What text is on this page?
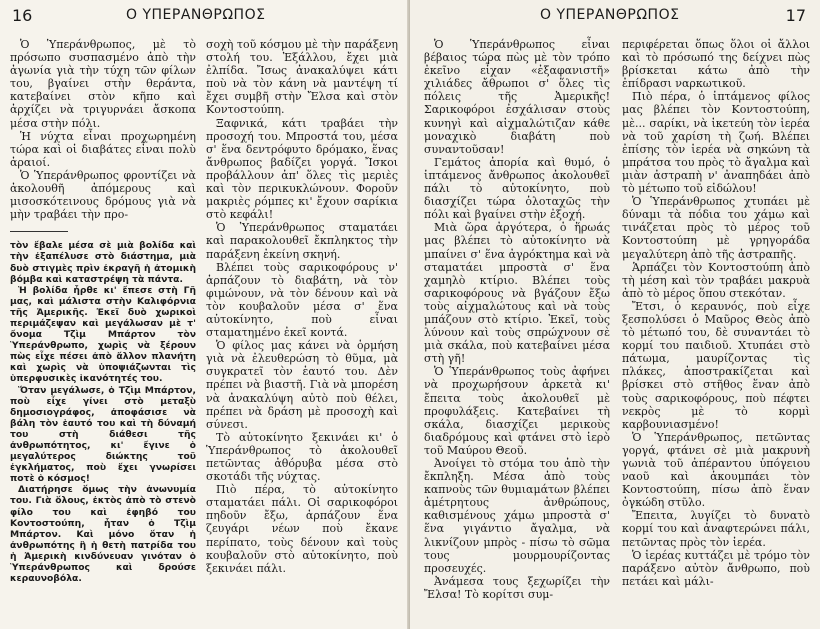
16	Ο ΥΠΕΡΑΝΘΡΩΠΟΣ

Ὁ Ὑπεράνθρωπος, μὲ τὸ πρόσωπο συσπασμένο ἀπὸ τὴν ἀγωνία γιὰ τὴν τύχη τῶν φίλων του, βγαίνει στὴν θεράντα, κατεβαίνει στὸν κῆπο καὶ ἀρχίζει νὰ τριγυρνάει ἄσκοπα μέσα στὴν πόλι.

Ἡ νύχτα εἶναι προχωρημένη τώρα καὶ οἱ διαβάτες εἶναι πολὺ ἀραιοί.

Ὁ Ὑπεράνθρωπος φροντίζει νὰ ἀκολουθῆ ἀπόμερους καὶ μισοσκότεινους δρόμους γιὰ νὰ μὴν τραβάει τὴν προ-

τὸν ἔβαλε μέσα σὲ μιὰ βολίδα καὶ τὴν ἐξαπέλυσε στὸ διάστημα, μιὰ δυὸ στιγμὲς πρὶν ἐκραγῆ ἡ ἀτομικὴ βόμβα καὶ καταστρέψη τὰ πάντα.

Ἡ βολίδα ἦρθε κι' ἔπεσε στὴ Γῆ μας, καὶ μάλιστα στὴν Καλιφόρνια τῆς Ἀμερικῆς. Ἐκεῖ δυὸ χωρικοὶ περιμάζεψαν καὶ μεγάλωσαν μὲ τ' ὄνομα Τζὶμ Μπάρτον τὸν Ὑπεράνθρωπο, χωρὶς νὰ ξέρουν πὼς εἶχε πέσει ἀπὸ ἄλλον πλανήτη καὶ χωρὶς νὰ ὑποψιάζωνται τὶς ὑπερφυσικὲς ἱκανότητές του.

Ὅταν μεγάλωσε, ὁ Τζὶμ Μπάρτον, ποὺ εἶχε γίνει στὸ μεταξὺ δημοσιογράφος, ἀποφάσισε νὰ βάλη τὸν ἑαυτό του καὶ τὴ δύναμή του στὴ διάθεσι τῆς ἀνθρωπότητος, κι' ἔγινε ὁ μεγαλύτερος διώκτης τοῦ ἐγκλήματος, ποὺ ἔχει γνωρίσει ποτὲ ὁ κόσμος!

Διατήρησε ὅμως τὴν ἀνωνυμία του. Γιὰ ὅλους, ἐκτὸς ἀπὸ τὸ στενὸ φίλο του καὶ ἐφηβό του Κοντοστούπη, ἦταν ὁ Τζὶμ Μπάρτον. Καὶ μόνο ὅταν ἡ ἀνθρωπότης ἢ ἡ θετὴ πατρίδα του ἡ Ἀμερικὴ κινδύνευαν γινόταν ὁ Ὑπεράνθρωπος καὶ δρούσε κεραυνοβόλα.

σοχὴ τοῦ κόσμου μὲ τὴν παράξενη στολή του. Ἐξάλλου, ἔχει μιὰ ἐλπίδα. Ἴσως ἀνακαλύψει κάτι ποὺ νὰ τὸν κάνη νὰ μαντέψη τί ἔχει συμβῆ στὴν Ἔλσα καὶ στὸν Κοντοστούπη.

Ξαφνικά, κάτι τραβάει τὴν προσοχή του. Μπροστά του, μέσα σ' ἕνα δεντρόφυτο δρόμακο, ἕνας ἄνθρωπος βαδίζει γοργά. Ἴσκοι προβάλλουν ἀπ' ὅλες τὶς μεριὲς καὶ τὸν περικυκλώνουν. Φοροῦν μακριὲς ρόμπες κι' ἔχουν σαρίκια στὸ κεφάλι!

Ὁ Ὑπεράνθρωπος σταματάει καὶ παρακολουθεῖ ἔκπληκτος τὴν παράξενη ἐκείνη σκηνή.

Βλέπει τοὺς σαρικοφόρους ν' ἁρπάζουν τὸ διαβάτη, νὰ τὸν φιμώνουν, νὰ τὸν δένουν καὶ νὰ τὸν κουβαλοῦν μέσα σ' ἕνα αὐτοκίνητο, ποὺ εἶναι σταματημένο ἐκεῖ κοντά.

Ὁ φίλος μας κάνει νὰ ὁρμήση γιὰ νὰ ἐλευθερώση τὸ θῦμα, μὰ συγκρατεῖ τὸν ἑαυτό του. Δὲν πρέπει νὰ βιαστῆ. Γιὰ νὰ μπορέση νὰ ἀνακαλύψη αὐτὸ ποὺ θέλει, πρέπει νὰ δράση μὲ προσοχὴ καὶ σύνεσι.

Τὸ αὐτοκίνητο ξεκινάει κι' ὁ Ὑπεράνθρωπος τὸ ἀκολουθεῖ πετῶντας ἀθόρυβα μέσα στὸ σκοτάδι τῆς νύχτας.

Πιὸ πέρα, τὸ αὐτοκίνητο σταματάει πάλι. Οἱ σαρικοφόροι πηδοῦν ἔξω, ἁρπάζουν ἕνα ζευγάρι νέων ποὺ ἔκανε περίπατο, τοὺς δένουν καὶ τοὺς κουβαλοῦν στὸ αὐτοκίνητο, ποὺ ξεκινάει πάλι.

Ο ΥΠΕΡΑΝΘΡΩΠΟΣ	17

Ὁ Ὑπεράνθρωπος εἶναι βέβαιος τώρα πὼς μὲ τὸν τρόπο ἐκεῖνο εἶχαν «ἐξαφανιστῆ» χιλιάδες ἄθρωποι σ' ὅλες τὶς πόλεις τῆς Ἀμερικῆς! Σαρικοφόροι ἐσχάλισαν στοὺς κυνηγὶ καὶ αἰχμαλώτιζαν κάθε μοναχικὸ διαβάτη ποὺ συναντοῦσαν!

Γεμάτος ἀπορία καὶ θυμό, ὁ ἱπτάμενος ἄνθρωπος ἀκολουθεῖ πάλι τὸ αὐτοκίνητο, ποὺ διασχίζει τώρα ὁλοταχῶς τὴν πόλι καὶ βγαίνει στὴν ἐξοχή.

Μιὰ ὥρα ἀργότερα, ὁ ἥρωάς μας βλέπει τὸ αὐτοκίνητο νὰ μπαίνει σ' ἕνα ἀγρόκτημα καὶ νὰ σταματάει μπροστὰ σ' ἕνα χαμηλὸ κτίριο. Βλέπει τοὺς σαρικοφόρους νὰ βγάζουν ἔξω τοὺς αἰχμαλώτους καὶ νὰ τοὺς μπάζουν στὸ κτίριο. Ἐκεῖ, τοὺς λύνουν καὶ τοὺς σπρώχνουν σὲ μιὰ σκάλα, ποὺ κατεβαίνει μέσα στὴ γῆ!

Ὁ Ὑπεράνθρωπος τοὺς ἀφήνει νὰ προχωρήσουν ἀρκετὰ κι' ἔπειτα τοὺς ἀκολουθεῖ μὲ προφυλάξεις. Κατεβαίνει τὴ σκάλα, διασχίζει μερικοὺς διαδρόμους καὶ φτάνει στὸ ἱερὸ τοῦ Μαύρου Θεοῦ.

Ἀνοίγει τὸ στόμα του ἀπὸ τὴν ἔκπληξη. Μέσα ἀπὸ τοὺς καπνοὺς τῶν θυμιαμάτων βλέπει ἀμέτρητους ἀνθρώπους, καθισμένους χάμω μπροστὰ σ' ἕνα γιγάντιο ἄγαλμα, νὰ λικνίζουν μπρὸς - πίσω τὸ σῶμα τους μουρμουρίζοντας προσευχές.

Ἀνάμεσα τους ξεχωρίζει τὴν Ἔλσα! Τὸ κορίτσι συμ-

περιφέρεται ὅπως ὅλοι οἱ ἄλλοι καὶ τὸ πρόσωπό της δείχνει πὼς βρίσκεται κάτω ἀπὸ τὴν ἐπίδρασι ναρκωτικοῦ.

Πιὸ πέρα, ὁ ἱπτάμενος φίλος μας βλέπει τὸν Κοντοστούπη, μὲ... σαρίκι, νὰ ἱκετεύη τὸν ἱερέα νὰ τοῦ χαρίση τὴ ζωή. Βλέπει ἐπίσης τὸν ἱερέα νὰ σηκώνη τὰ μπράτσα του πρὸς τὸ ἄγαλμα καὶ μιὰν ἀστραπὴ ν' ἀναπηδάει ἀπὸ τὸ μέτωπο τοῦ εἰδώλου!

Ὁ Ὑπεράνθρωπος χτυπάει μὲ δύναμι τὰ πόδια του χάμω καὶ τινάζεται πρὸς τὸ μέρος τοῦ Κοντοστούπη μὲ γρηγοράδα μεγαλύτερη ἀπὸ τῆς ἀστραπῆς.

Ἁρπάζει τὸν Κοντοστούπη ἀπὸ τὴ μέση καὶ τὸν τραβάει μακρυὰ ἀπὸ τὸ μέρος ὅπου στεκόταν.

Ἔτσι, ὁ κεραυνός, ποὺ εἶχε ξεσπολύσει ὁ Μαῦρος Θεὸς ἀπὸ τὸ μέτωπό του, δὲ συναντάει τὸ κορμί του παιδιοῦ. Χτυπάει στὸ πάτωμα, μαυρίζοντας τὶς πλάκες, ἀποστρακίζεται καὶ βρίσκει στὸ στῆθος ἕναν ἀπὸ τοὺς σαρικοφόρους, ποὺ πέφτει νεκρὸς μὲ τὸ κορμὶ καρβουνιασμένο!

Ὁ Ὑπεράνθρωπος, πετῶντας γοργά, φτάνει σὲ μιὰ μακρυνὴ γωνιὰ τοῦ ἀπέραντου ὑπόγειου ναοῦ καὶ ἀκουμπάει τὸν Κοντοστούπη, πίσω ἀπὸ ἕναν ὀγκώδη στῦλο.

Ἔπειτα, λυγίζει τὸ δυνατὸ κορμί του καὶ ἀναφτερώνει πάλι, πετῶντας πρὸς τὸν ἱερέα.

Ὁ ἱερέας κυττάζει μὲ τρόμο τὸν παράξενο αὐτὸν ἄνθρωπο, ποὺ πετάει καὶ μάλι-
